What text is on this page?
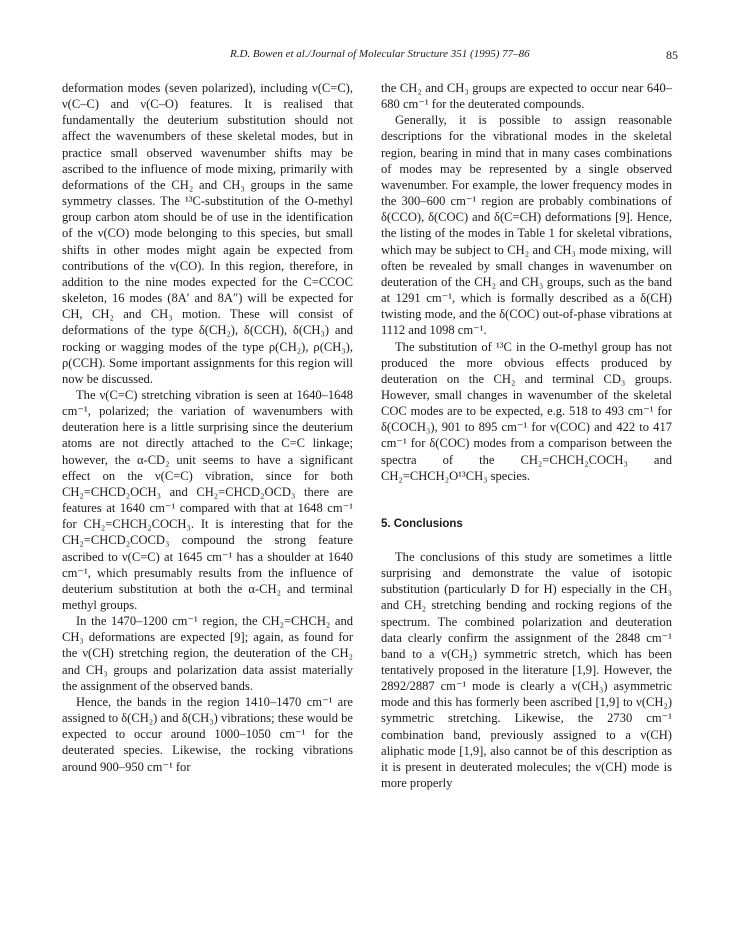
R.D. Bowen et al./Journal of Molecular Structure 351 (1995) 77–86	85

deformation modes (seven polarized), including ν(C=C), ν(C–C) and ν(C–O) features. It is realised that fundamentally the deuterium substitution should not affect the wavenumbers of these skeletal modes, but in practice small observed wavenumber shifts may be ascribed to the influence of mode mixing, primarily with deformations of the CH₂ and CH₃ groups in the same symmetry classes. The ¹³C-substitution of the O-methyl group carbon atom should be of use in the identification of the ν(CO) mode belonging to this species, but small shifts in other modes might again be expected from contributions of the ν(CO). In this region, therefore, in addition to the nine modes expected for the C=CCOC skeleton, 16 modes (8A′ and 8A″) will be expected for CH, CH₂ and CH₃ motion. These will consist of deformations of the type δ(CH₂), δ(CCH), δ(CH₃) and rocking or wagging modes of the type ρ(CH₂), ρ(CH₃), ρ(CCH). Some important assignments for this region will now be discussed.

The ν(C=C) stretching vibration is seen at 1640–1648 cm⁻¹, polarized; the variation of wavenumbers with deuteration here is a little surprising since the deuterium atoms are not directly attached to the C=C linkage; however, the α-CD₂ unit seems to have a significant effect on the ν(C=C) vibration, since for both CH₂=CHCD₂OCH₃ and CH₂=CHCD₂OCD₃ there are features at 1640 cm⁻¹ compared with that at 1648 cm⁻¹ for CH₂=CHCH₂COCH₃. It is interesting that for the CH₂=CHCD₂COCD₃ compound the strong feature ascribed to ν(C=C) at 1645 cm⁻¹ has a shoulder at 1640 cm⁻¹, which presumably results from the influence of deuterium substitution at both the α-CH₂ and terminal methyl groups.

In the 1470–1200 cm⁻¹ region, the CH₂=CHCH₂ and CH₃ deformations are expected [9]; again, as found for the ν(CH) stretching region, the deuteration of the CH₂ and CH₃ groups and polarization data assist materially the assignment of the observed bands.

Hence, the bands in the region 1410–1470 cm⁻¹ are assigned to δ(CH₂) and δ(CH₃) vibrations; these would be expected to occur around 1000–1050 cm⁻¹ for the deuterated species. Likewise, the rocking vibrations around 900–950 cm⁻¹ for

the CH₂ and CH₃ groups are expected to occur near 640–680 cm⁻¹ for the deuterated compounds.

Generally, it is possible to assign reasonable descriptions for the vibrational modes in the skeletal region, bearing in mind that in many cases combinations of modes may be represented by a single observed wavenumber. For example, the lower frequency modes in the 300–600 cm⁻¹ region are probably combinations of δ(CCO), δ(COC) and δ(C=CH) deformations [9]. Hence, the listing of the modes in Table 1 for skeletal vibrations, which may be subject to CH₂ and CH₃ mode mixing, will often be revealed by small changes in wavenumber on deuteration of the CH₂ and CH₃ groups, such as the band at 1291 cm⁻¹, which is formally described as a δ(CH) twisting mode, and the δ(COC) out-of-phase vibrations at 1112 and 1098 cm⁻¹.

The substitution of ¹³C in the O-methyl group has not produced the more obvious effects produced by deuteration on the CH₂ and terminal CD₃ groups. However, small changes in wavenumber of the skeletal COC modes are to be expected, e.g. 518 to 493 cm⁻¹ for δ(COCH₃), 901 to 895 cm⁻¹ for ν(COC) and 422 to 417 cm⁻¹ for δ(COC) modes from a comparison between the spectra of the CH₂=CHCH₂COCH₃ and CH₂=CHCH₂O¹³CH₃ species.

5. Conclusions

The conclusions of this study are sometimes a little surprising and demonstrate the value of isotopic substitution (particularly D for H) especially in the CH₃ and CH₂ stretching bending and rocking regions of the spectrum. The combined polarization and deuteration data clearly confirm the assignment of the 2848 cm⁻¹ band to a ν(CH₂) symmetric stretch, which has been tentatively proposed in the literature [1,9]. However, the 2892/2887 cm⁻¹ mode is clearly a ν(CH₃) asymmetric mode and this has formerly been ascribed [1,9] to ν(CH₂) symmetric stretching. Likewise, the 2730 cm⁻¹ combination band, previously assigned to a ν(CH) aliphatic mode [1,9], also cannot be of this description as it is present in deuterated molecules; the ν(CH) mode is more properly
